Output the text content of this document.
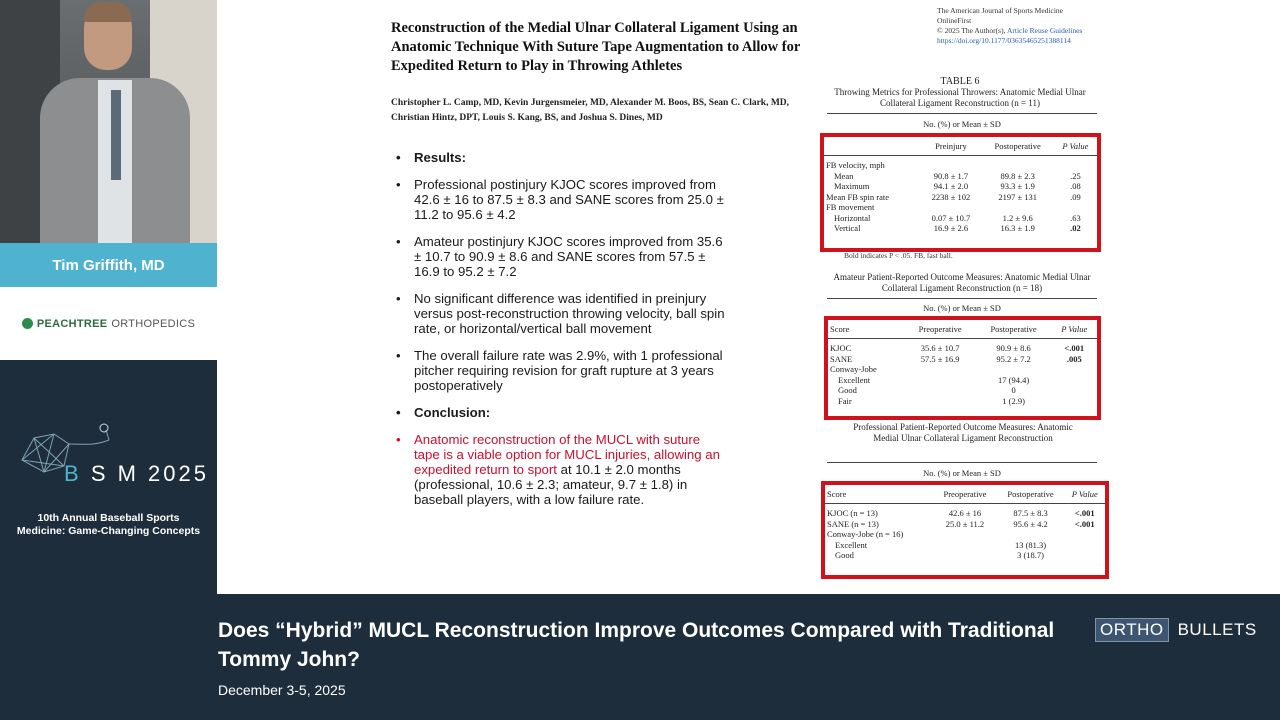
Tim Griffith, MD
PEACHTREE ORTHOPEDICS
B S M 2025
10th Annual Baseball Sports
Medicine: Game-Changing Concepts
Reconstruction of the Medial Ulnar Collateral Ligament Using an Anatomic Technique With Suture Tape Augmentation to Allow for Expedited Return to Play in Throwing Athletes
Christopher L. Camp, MD, Kevin Jurgensmeier, MD, Alexander M. Boos, BS, Sean C. Clark, MD, Christian Hintz, DPT, Louis S. Kang, BS, and Joshua S. Dines, MD
The American Journal of Sports Medicine
OnlineFirst
© 2025 The Author(s), Article Reuse Guidelines
https://doi.org/10.1177/03635465251388114
• Results:
• Professional postinjury KJOC scores improved from 42.6 ± 16 to 87.5 ± 8.3 and SANE scores from 25.0 ± 11.2 to 95.6 ± 4.2
• Amateur postinjury KJOC scores improved from 35.6 ± 10.7 to 90.9 ± 8.6 and SANE scores from 57.5 ± 16.9 to 95.2 ± 7.2
• No significant difference was identified in preinjury versus post-reconstruction throwing velocity, ball spin rate, or horizontal/vertical ball movement
• The overall failure rate was 2.9%, with 1 professional pitcher requiring revision for graft rupture at 3 years postoperatively
• Conclusion:
• Anatomic reconstruction of the MUCL with suture tape is a viable option for MUCL injuries, allowing an expedited return to sport at 10.1 ± 2.0 months (professional, 10.6 ± 2.3; amateur, 9.7 ± 1.8) in baseball players, with a low failure rate.
TABLE 6
Throwing Metrics for Professional Throwers: Anatomic Medial Ulnar Collateral Ligament Reconstruction (n = 11)
No. (%) or Mean ± SD
	Preinjury	Postoperative	P Value
FB velocity, mph			
Mean	90.8 ± 1.7	89.8 ± 2.3	.25
Maximum	94.1 ± 2.0	93.3 ± 1.9	.08
Mean FB spin rate	2238 ± 102	2197 ± 131	.09
FB movement			
Horizontal	0.07 ± 10.7	1.2 ± 9.6	.63
Vertical	16.9 ± 2.6	16.3 ± 1.9	.02
Bold indicates P < .05. FB, fast ball.
Amateur Patient-Reported Outcome Measures: Anatomic Medial Ulnar Collateral Ligament Reconstruction (n = 18)
No. (%) or Mean ± SD
Score	Preoperative	Postoperative	P Value
KJOC	35.6 ± 10.7	90.9 ± 8.6	<.001
SANE	57.5 ± 16.9	95.2 ± 7.2	.005
Conway-Jobe			
Excellent		17 (94.4)	
Good		0	
Fair		1 (2.9)	
Professional Patient-Reported Outcome Measures: Anatomic Medial Ulnar Collateral Ligament Reconstruction
No. (%) or Mean ± SD
Score	Preoperative	Postoperative	P Value
KJOC (n = 13)	42.6 ± 16	87.5 ± 8.3	<.001
SANE (n = 13)	25.0 ± 11.2	95.6 ± 4.2	<.001
Conway-Jobe (n = 16)			
Excellent		13 (81.3)	
Good		3 (18.7)	
Does “Hybrid” MUCL Reconstruction Improve Outcomes Compared with Traditional Tommy John?
December 3-5, 2025
ORTHO BULLETS
